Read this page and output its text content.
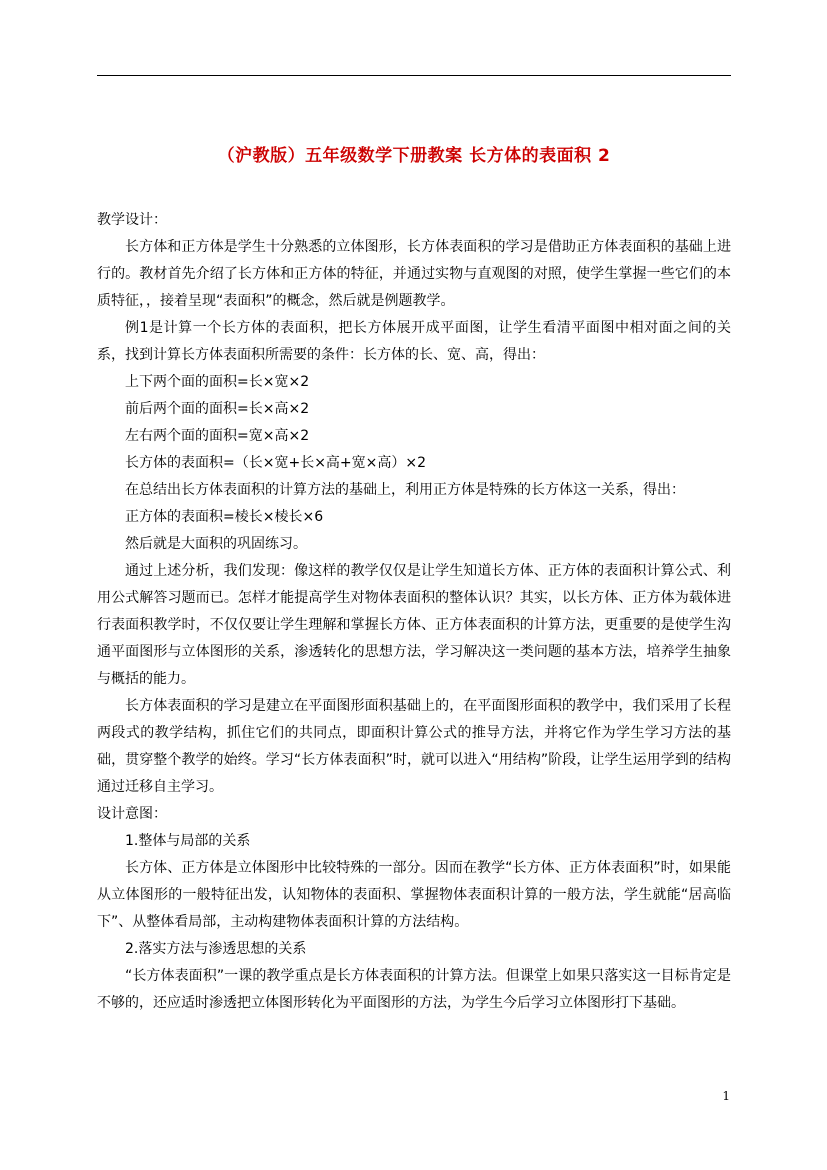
（沪教版）五年级数学下册教案 长方体的表面积 2

教学设计：

长方体和正方体是学生十分熟悉的立体图形，长方体表面积的学习是借助正方体表面积的基础上进行的。教材首先介绍了长方体和正方体的特征，并通过实物与直观图的对照，使学生掌握一些它们的本质特征，，接着呈现“表面积”的概念，然后就是例题教学。

例1是计算一个长方体的表面积，把长方体展开成平面图，让学生看清平面图中相对面之间的关系，找到计算长方体表面积所需要的条件：长方体的长、宽、高，得出：

上下两个面的面积=长×宽×2

前后两个面的面积=长×高×2

左右两个面的面积=宽×高×2

长方体的表面积=（长×宽+长×高+宽×高）×2

在总结出长方体表面积的计算方法的基础上，利用正方体是特殊的长方体这一关系，得出：

正方体的表面积=棱长×棱长×6

然后就是大面积的巩固练习。

通过上述分析，我们发现：像这样的教学仅仅是让学生知道长方体、正方体的表面积计算公式、利用公式解答习题而已。怎样才能提高学生对物体表面积的整体认识？其实，以长方体、正方体为载体进行表面积教学时，不仅仅要让学生理解和掌握长方体、正方体表面积的计算方法，更重要的是使学生沟通平面图形与立体图形的关系，渗透转化的思想方法，学习解决这一类问题的基本方法，培养学生抽象与概括的能力。

长方体表面积的学习是建立在平面图形面积基础上的，在平面图形面积的教学中，我们采用了长程两段式的教学结构，抓住它们的共同点，即面积计算公式的推导方法，并将它作为学生学习方法的基础，贯穿整个教学的始终。学习“长方体表面积”时，就可以进入“用结构”阶段，让学生运用学到的结构通过迁移自主学习。

设计意图：

1.整体与局部的关系

长方体、正方体是立体图形中比较特殊的一部分。因而在教学“长方体、正方体表面积”时，如果能从立体图形的一般特征出发，认知物体的表面积、掌握物体表面积计算的一般方法，学生就能“居高临下”、从整体看局部，主动构建物体表面积计算的方法结构。

2.落实方法与渗透思想的关系

“长方体表面积”一课的教学重点是长方体表面积的计算方法。但课堂上如果只落实这一目标肯定是不够的，还应适时渗透把立体图形转化为平面图形的方法，为学生今后学习立体图形打下基础。

1
